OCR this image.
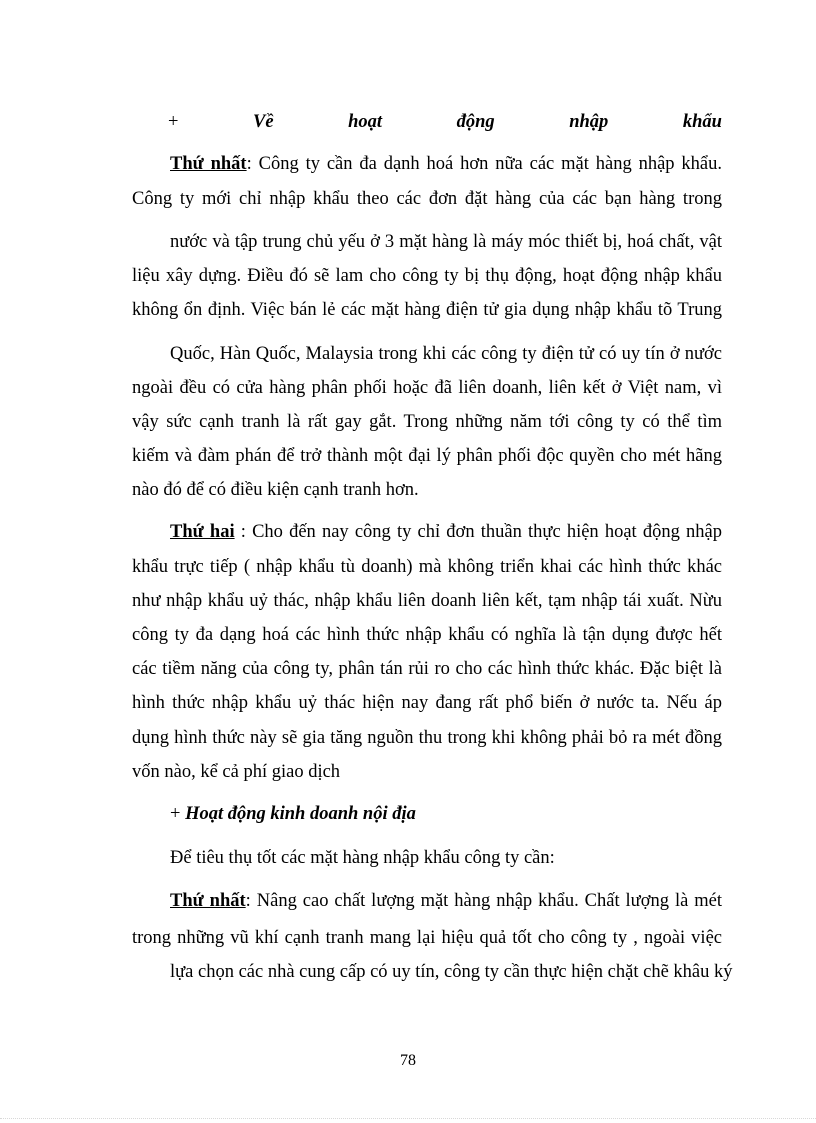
+	Về	hoạt	động	nhập	khẩu
Thứ nhất: Công ty cần đa dạnh hoá hơn nữa các mặt hàng nhập khẩu.
Công ty mới chỉ nhập khẩu theo các đơn đặt hàng của các bạn hàng trong
nước và tập trung chủ yếu ở 3 mặt hàng là máy móc thiết bị, hoá chất, vật
liệu xây dựng. Điều đó sẽ lam cho công ty bị thụ động, hoạt động nhập khẩu
không ổn định. Việc bán lẻ các mặt hàng điện tử gia dụng nhập khẩu tõ Trung
Quốc, Hàn Quốc, Malaysia trong khi các công ty điện tử có uy tín ở nước
ngoài đều có cửa hàng phân phối hoặc đã liên doanh, liên kết ở Việt nam, vì
vậy sức cạnh tranh là rất gay gắt. Trong những năm tới công ty có thể tìm
kiếm và đàm phán để trở thành một đại lý phân phối độc quyền cho mét hãng
nào đó để có điều kiện cạnh tranh hơn.
Thứ hai : Cho đến nay công ty chỉ đơn thuần thực hiện hoạt động nhập
khẩu trực tiếp ( nhập khẩu tù doanh) mà không triển khai các hình thức khác
như nhập khẩu uỷ thác, nhập khẩu liên doanh liên kết, tạm nhập tái xuất. Nừu
công ty đa dạng hoá các hình thức nhập khẩu có nghĩa là tận dụng được hết
các tiềm năng của công ty, phân tán rủi ro cho các hình thức khác. Đặc biệt là
hình thức nhập khẩu uỷ thác hiện nay đang rất phổ biến ở nước ta. Nếu áp
dụng hình thức này sẽ gia tăng nguồn thu trong khi không phải bỏ ra mét đồng
vốn nào, kể cả phí giao dịch
+ Hoạt động kinh doanh nội địa
Để tiêu thụ tốt các mặt hàng nhập khẩu công ty cần:
Thứ nhất: Nâng cao chất lượng mặt hàng nhập khẩu. Chất lượng là mét
trong những vũ khí cạnh tranh mang lại hiệu quả tốt cho công ty , ngoài việc
lựa chọn các nhà cung cấp có uy tín, công ty cần thực hiện chặt chẽ khâu ký
78
